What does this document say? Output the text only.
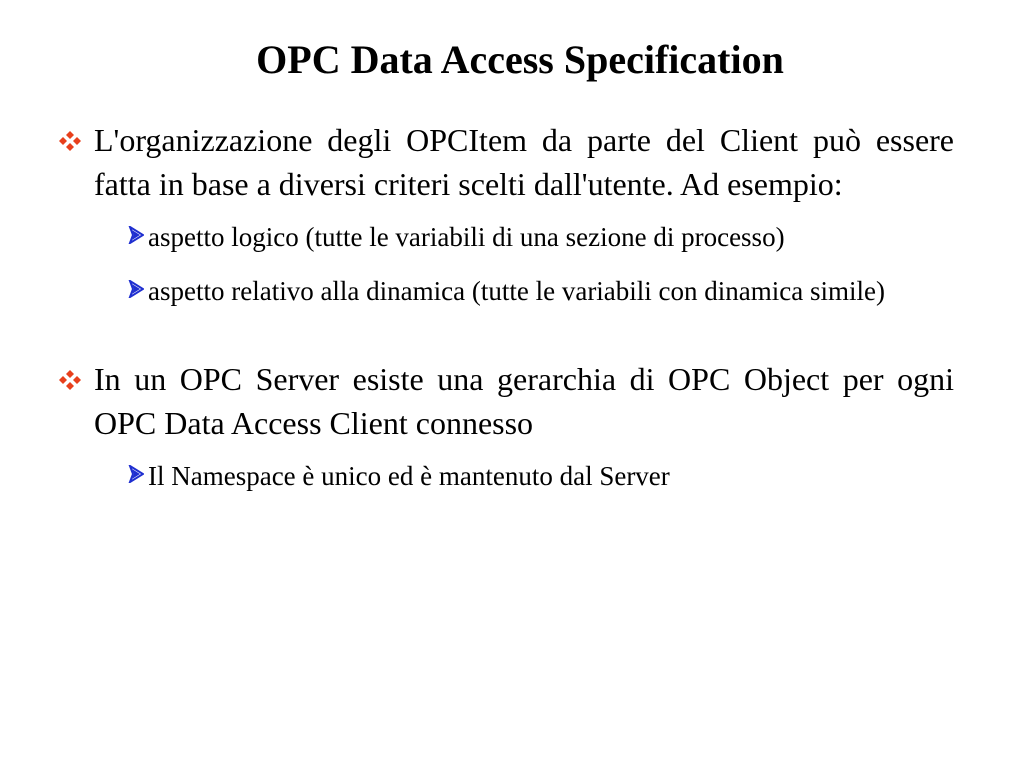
OPC Data Access Specification
L'organizzazione degli OPCItem da parte del Client può essere fatta in base a diversi criteri scelti dall'utente. Ad esempio:
aspetto logico (tutte le variabili di una sezione di processo)
aspetto relativo alla dinamica (tutte le variabili con dinamica simile)
In un OPC Server esiste una gerarchia di OPC Object per ogni OPC Data Access Client connesso
Il Namespace è unico ed è mantenuto dal Server
